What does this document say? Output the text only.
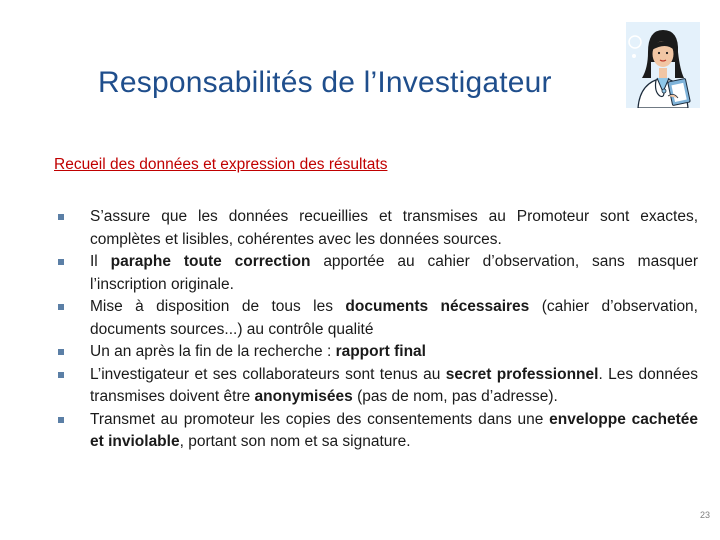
Responsabilités de l’Investigateur
Recueil des données et expression des résultats
S’assure que les données recueillies et transmises au Promoteur sont exactes, complètes et lisibles, cohérentes avec les données sources.
Il paraphe toute correction apportée au cahier d’observation, sans masquer l’inscription originale.
Mise à disposition de tous les documents nécessaires (cahier d’observation, documents sources...) au contrôle qualité
Un an après la fin de la recherche : rapport final
L’investigateur et ses collaborateurs sont tenus au secret professionnel. Les données transmises doivent être anonymisées (pas de nom, pas d’adresse).
Transmet au promoteur les copies des consentements dans une enveloppe cachetée et inviolable, portant son nom et sa signature.
23
